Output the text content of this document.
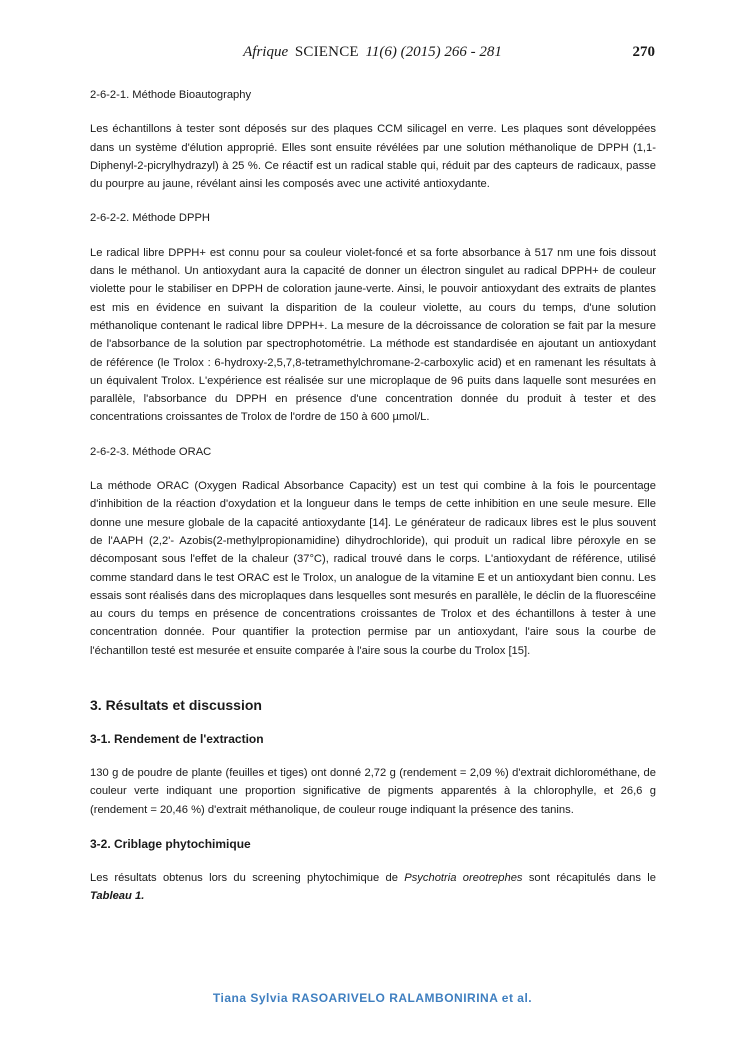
Afrique SCIENCE 11(6) (2015) 266 - 281	270
2-6-2-1. Méthode Bioautography

Les échantillons à tester sont déposés sur des plaques CCM silicagel en verre. Les plaques sont développées dans un système d'élution approprié. Elles sont ensuite révélées par une solution méthanolique de DPPH (1,1-Diphenyl-2-picrylhydrazyl) à 25 %. Ce réactif est un radical stable qui, réduit par des capteurs de radicaux, passe du pourpre au jaune, révélant ainsi les composés avec une activité antioxydante.

2-6-2-2. Méthode DPPH

Le radical libre DPPH+ est connu pour sa couleur violet-foncé et sa forte absorbance à 517 nm une fois dissout dans le méthanol. Un antioxydant aura la capacité de donner un électron singulet au radical DPPH+ de couleur violette pour le stabiliser en DPPH de coloration jaune-verte. Ainsi, le pouvoir antioxydant des extraits de plantes est mis en évidence en suivant la disparition de la couleur violette, au cours du temps, d'une solution méthanolique contenant le radical libre DPPH+. La mesure de la décroissance de coloration se fait par la mesure de l'absorbance de la solution par spectrophotométrie. La méthode est standardisée en ajoutant un antioxydant de référence (le Trolox : 6-hydroxy-2,5,7,8-tetramethylchromane-2-carboxylic acid) et en ramenant les résultats à un équivalent Trolox. L'expérience est réalisée sur une microplaque de 96 puits dans laquelle sont mesurées en parallèle, l'absorbance du DPPH en présence d'une concentration donnée du produit à tester et des concentrations croissantes de Trolox de l'ordre de 150 à 600 µmol/L.

2-6-2-3. Méthode ORAC

La méthode ORAC (Oxygen Radical Absorbance Capacity) est un test qui combine à la fois le pourcentage d'inhibition de la réaction d'oxydation et la longueur dans le temps de cette inhibition en une seule mesure. Elle donne une mesure globale de la capacité antioxydante [14]. Le générateur de radicaux libres est le plus souvent de l'AAPH (2,2'- Azobis(2-methylpropionamidine) dihydrochloride), qui produit un radical libre péroxyle en se décomposant sous l'effet de la chaleur (37°C), radical trouvé dans le corps. L'antioxydant de référence, utilisé comme standard dans le test ORAC est le Trolox, un analogue de la vitamine E et un antioxydant bien connu. Les essais sont réalisés dans des microplaques dans lesquelles sont mesurés en parallèle, le déclin de la fluorescéine au cours du temps en présence de concentrations croissantes de Trolox et des échantillons à tester à une concentration donnée. Pour quantifier la protection permise par un antioxydant, l'aire sous la courbe de l'échantillon testé est mesurée et ensuite comparée à l'aire sous la courbe du Trolox [15].

3. Résultats et discussion
3-1. Rendement de l'extraction

130 g de poudre de plante (feuilles et tiges) ont donné 2,72 g (rendement = 2,09 %) d'extrait dichlorométhane, de couleur verte indiquant une proportion significative de pigments apparentés à la chlorophylle, et 26,6 g (rendement = 20,46 %) d'extrait méthanolique, de couleur rouge indiquant la présence des tanins.

3-2. Criblage phytochimique

Les résultats obtenus lors du screening phytochimique de Psychotria oreotrephes sont récapitulés dans le Tableau 1.

Tiana Sylvia RASOARIVELO RALAMBONIRINA et al.
